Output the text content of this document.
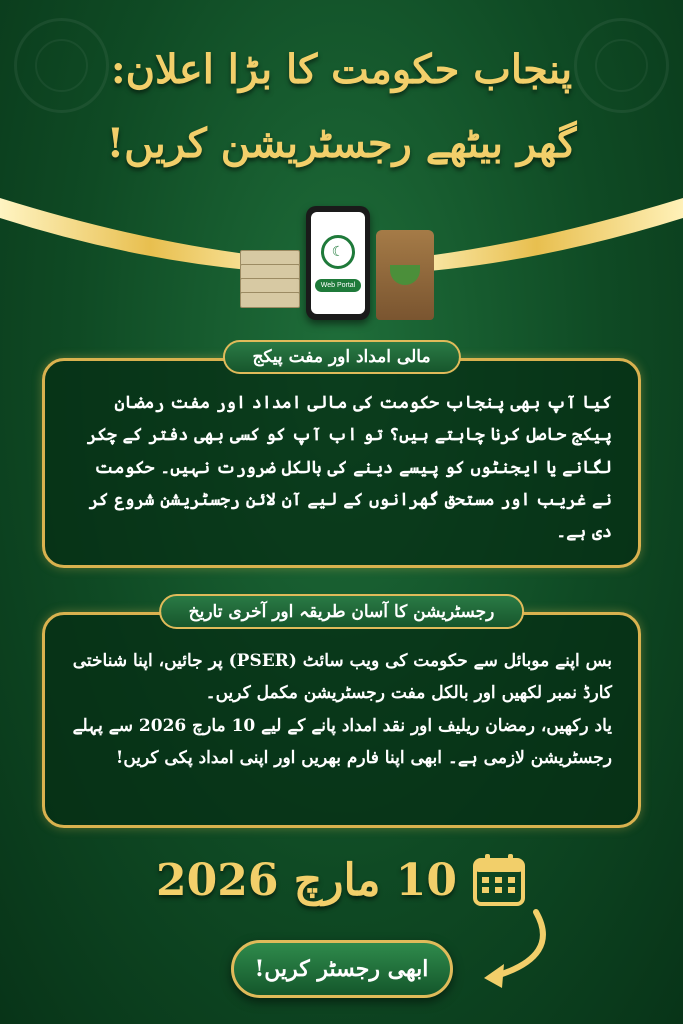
پنجاب حکومت کا بڑا اعلان:
گھر بیٹھے رجسٹریشن کریں!
☾
Web Portal
مالی امداد اور مفت پیکج

کیا آپ بھی پنجاب حکومت کی مالی امداد اور مفت رمضان پیکج حاصل کرنا چاہتے ہیں؟ تو اب آپ کو کسی بھی دفتر کے چکر لگانے یا ایجنٹوں کو پیسے دینے کی بالکل ضرورت نہیں۔ حکومت نے غریب اور مستحق گھرانوں کے لیے آن لائن رجسٹریشن شروع کر دی ہے۔

رجسٹریشن کا آسان طریقہ اور آخری تاریخ

بس اپنے موبائل سے حکومت کی ویب سائٹ (PSER) پر جائیں، اپنا شناختی کارڈ نمبر لکھیں اور بالکل مفت رجسٹریشن مکمل کریں۔

یاد رکھیں، رمضان ریلیف اور نقد امداد پانے کے لیے 10 مارچ 2026 سے پہلے رجسٹریشن لازمی ہے۔ ابھی اپنا فارم بھریں اور اپنی امداد پکی کریں!

10 مارچ 2026
ابھی رجسٹر کریں!
